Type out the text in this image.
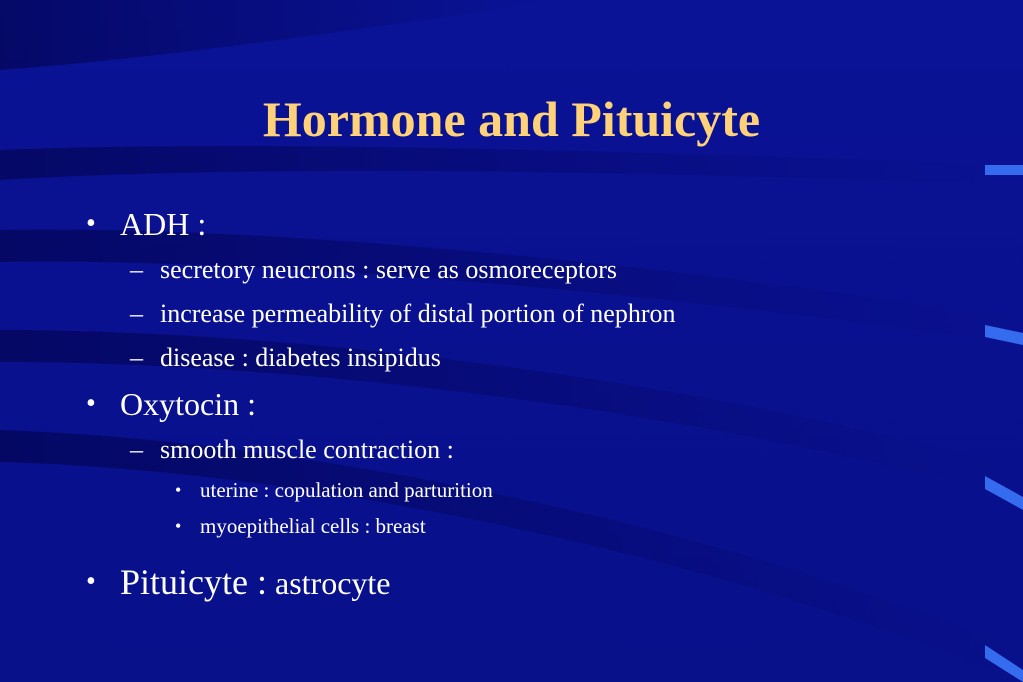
Hormone and Pituicyte
• ADH :
– secretory neucrons : serve as osmoreceptors
– increase permeability of distal portion of nephron
– disease : diabetes insipidus
• Oxytocin :
– smooth muscle contraction :
• uterine : copulation and parturition
• myoepithelial cells : breast
• Pituicyte : astrocyte
